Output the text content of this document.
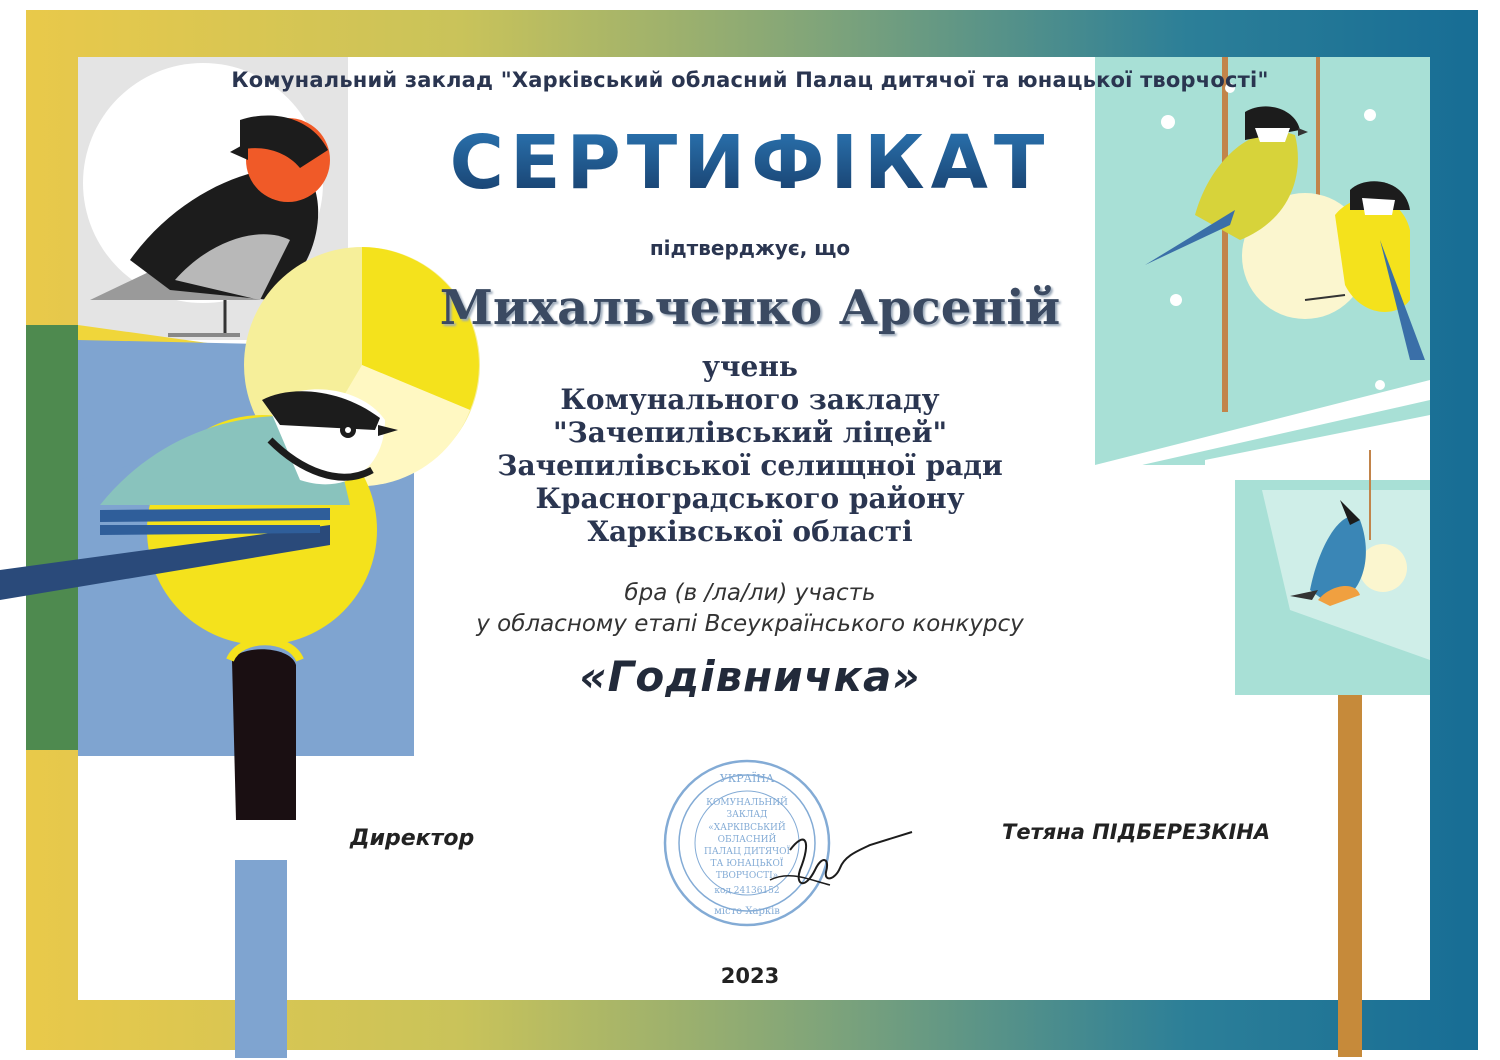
УКРАЇНА
КОМУНАЛЬНИЙ
ЗАКЛАД
«ХАРКІВСЬКИЙ
ОБЛАСНИЙ
ПАЛАЦ ДИТЯЧОЇ
ТА ЮНАЦЬКОЇ
ТВОРЧОСТІ»
код 24136152
місто Харків

Комунальний заклад "Харківський обласний Палац дитячої та юнацької творчості"

СЕРТИФІКАТ

підтверджує, що

Михальченко Арсеній

учень
Комунального закладу
"Зачепилівський ліцей"
Зачепилівської селищної ради
Красноградського району
Харківської області
бра (в /ла/ли) участь
у обласному етапі Всеукраїнського конкурсу

«Годівничка»

Директор	Тетяна ПІДБЕРЕЗКІНА

2023
